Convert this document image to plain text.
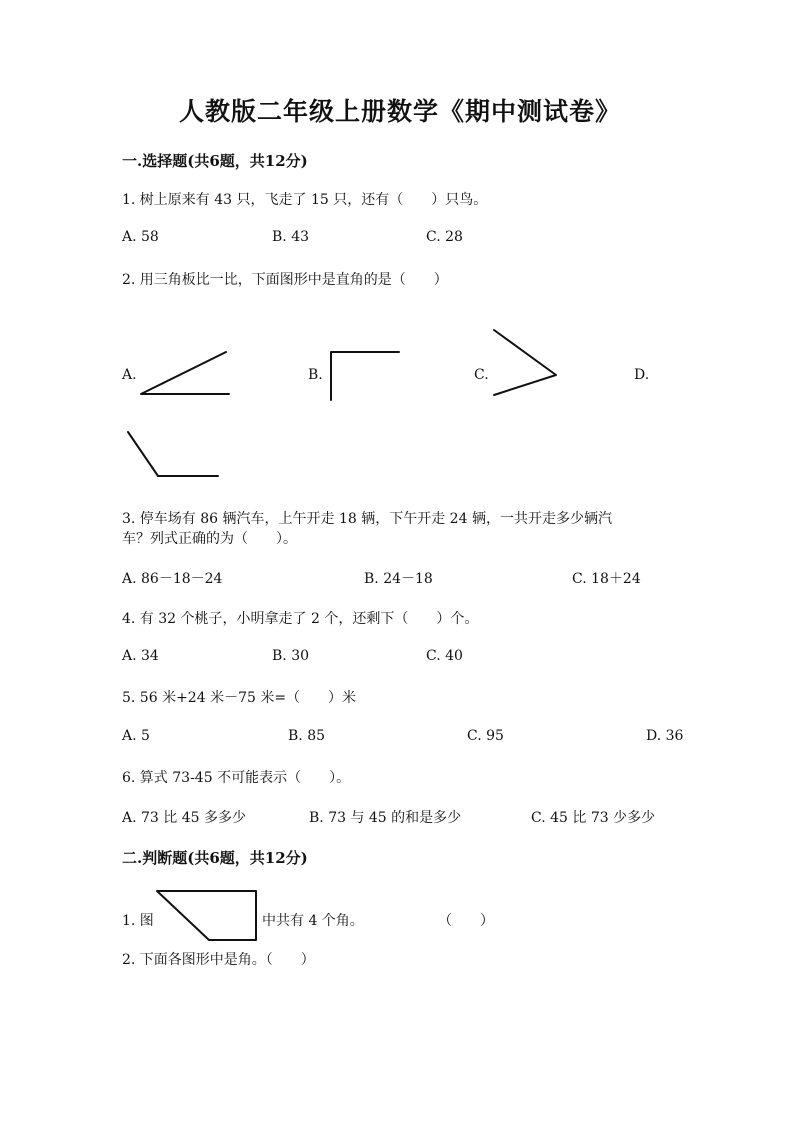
人教版二年级上册数学《期中测试卷》
一.选择题(共6题，共12分)
1. 树上原来有 43 只，飞走了 15 只，还有（　　）只鸟。
A. 58	B. 43	C. 28
2. 用三角板比一比，下面图形中是直角的是（　　）
A.	B.	C.	D.
3. 停车场有 86 辆汽车，上午开走 18 辆，下午开走 24 辆，一共开走多少辆汽
车？列式正确的为（　　）。
A. 86－18－24	B. 24－18	C. 18＋24
4. 有 32 个桃子，小明拿走了 2 个，还剩下（　　）个。
A. 34	B. 30	C. 40
5. 56 米+24 米－75 米=（　　）米
A. 5	B. 85	C. 95	D. 36
6. 算式 73-45 不可能表示（　　）。
A. 73 比 45 多多少	B. 73 与 45 的和是多少	C. 45 比 73 少多少
二.判断题(共6题，共12分)
1. 图	中共有 4 个角。	（　　）
2. 下面各图形中是角。（　　）
